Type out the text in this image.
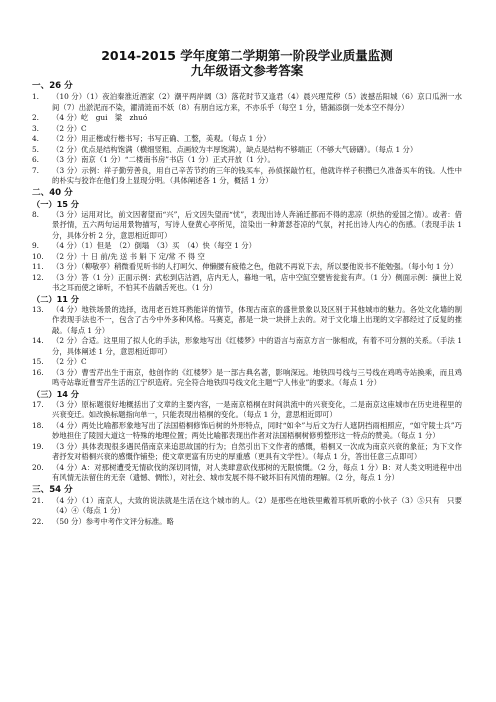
2014-2015 学年度第二学期第一阶段学业质量监测
九年级语文参考答案
一、26 分
1. （10 分）（1）夜泊秦淮近酒家（2）潮平两岸阔（3）落花时节又逢君（4）晨兴理荒秽（5）波撼岳阳城（6）京口瓜洲一水间（7）出淤泥而不染，濯清涟而不妖（8）有朋自远方来，不亦乐乎（每空 1 分，错漏添倒一处本空不得分）
2. （4 分）屹　gui　粱　zhuó
3. （2 分）C
4. （2 分）用正楷或行楷书写；书写正确、工整，美观。（每点 1 分）
5. （2 分）优点是结构饱满（横细竖粗、点画较为丰厚饱满），缺点是结构不够端正（不够大气磅礴）。（每点 1 分）
6. （3 分）南京（1 分）“二楼南书房”书店（1 分）正式开放（1 分）。
7. （3 分）示例：祥子勤劳善良，用自己辛苦节约的三年的钱买车，孙侦探敲竹杠，他就许样子积攒已久准备买车的钱。人性中的朴实与狡诈在他们身上显现分明。（具体阐述各 1 分，概括 1 分）
二、40 分
（一）15 分
8. （3 分）运用对比，前文因奢望而“兴”，后文因失望而“忧”，表现出诗人奔涌迁都而不得的悲凉（炽热的爱国之情）。或者：借景抒情，五六两句运用景物描写，写诗人登黄心亭所见，渲染出一种萧瑟苍凉的气氛，衬托出诗人内心的伤感。（表现手法 1 分，具体分析 2 分，意思相近即可）
9. （4 分）（1）但是　（2）倒塌　（3）买　（4）快（每空 1 分）
10. （2 分）十 日 前/先 送 书 斛 下 定/常 不 得 空
11. （3 分）（柳敬亭）稍微看见听书的人打呵欠、伸懒腰有疲倦之色，他就不再说下去，所以要他说书不能勉强。（每小句 1 分）
12. （3 分）答（1 分）正面示例：武松到店沽酒，店内无人，暮地一吼，店中空缸空甓皆瓮瓮有声。（1 分）侧面示例：摘世上说书之耳而使之谛听，不怕其不齿龋舌死也。（1 分）
（二）11 分
13. （4 分）地铁场景的选择，选用老百姓耳熟能详的情节，体现古南京的盛世景象以及区别于其他城市的魅力。各处文化墙的制作表现手法也不一，包含了古今中外多种风格。马赛克，都是一块一块拼上去的。对于文化墙上出现的文字都经过了反复的推敲。（每点 1 分）
14. （2 分）合适。这里用了拟人化的手法，形象地写出《红楼梦》中的语言与南京方言一脉相成，有着不可分割的关系。（手法 1 分，具体阐述 1 分，意思相近即可）
15. （2 分）C
16. （3 分）曹雪芹出生于南京，他创作的《红楼梦》是一部古典名著，影响深远。地铁四号线与三号线在鸡鸣寺站换乘，而且鸡鸣寺站靠近曹雪芹生活的江宁织造府。完全符合地铁四号线文化主题“宁人伟业”的要求。（每点 1 分）
（三）14 分
17. （3 分）原标题很好地概括出了文章的主要内容，一是南京梧桐在时间洪流中的兴衰变化，二是南京这座城市在历史进程里的兴衰变迁。如改换标题指向单一，只能表现出梧桐的变化。（每点 1 分，意思相近即可）
18. （4 分）两处比喻都形象地写出了法国梧桐修饰后树的外形特点，同时“如伞”与后文为行人遮阴挡雨相照应，“如守陵士兵”巧妙地担住了陵园大道这一特殊的地理位置；两处比喻都表现出作者对法国梧桐树修剪整形这一特点的赞美。（每点 1 分）
19. （3 分）具体表现很多遇民借南京来追思故国的行为；自然引出下文作者的感慨，梧桐又一次成为南京兴衰的象征；为下文作者抒发对梧桐兴衰的感慨作铺垫；使文章更富有历史的厚重感（更具有文学性）。（每点 1 分，答出任意三点即可）
20. （4 分）A：对那树遭受无情砍伐的深切同情，对人类肆意砍伐那树的无限愤慨。（2 分，每点 1 分）B：对人类文明进程中出有风情无法留住的无奈（遗憾、惆怅），对社会、城市发展不得不破坏旧有风情的理解。（2 分，每点 1 分）
三、54 分
21. （4 分）（1）南京人，大致的说法就是生活在这个城市的人。（2）是那些在地铁里戴着耳机听歌的小伙子（3）⑤只有　只要（4）④（每点 1 分）
22. （50 分）参考中考作文评分标准。略
